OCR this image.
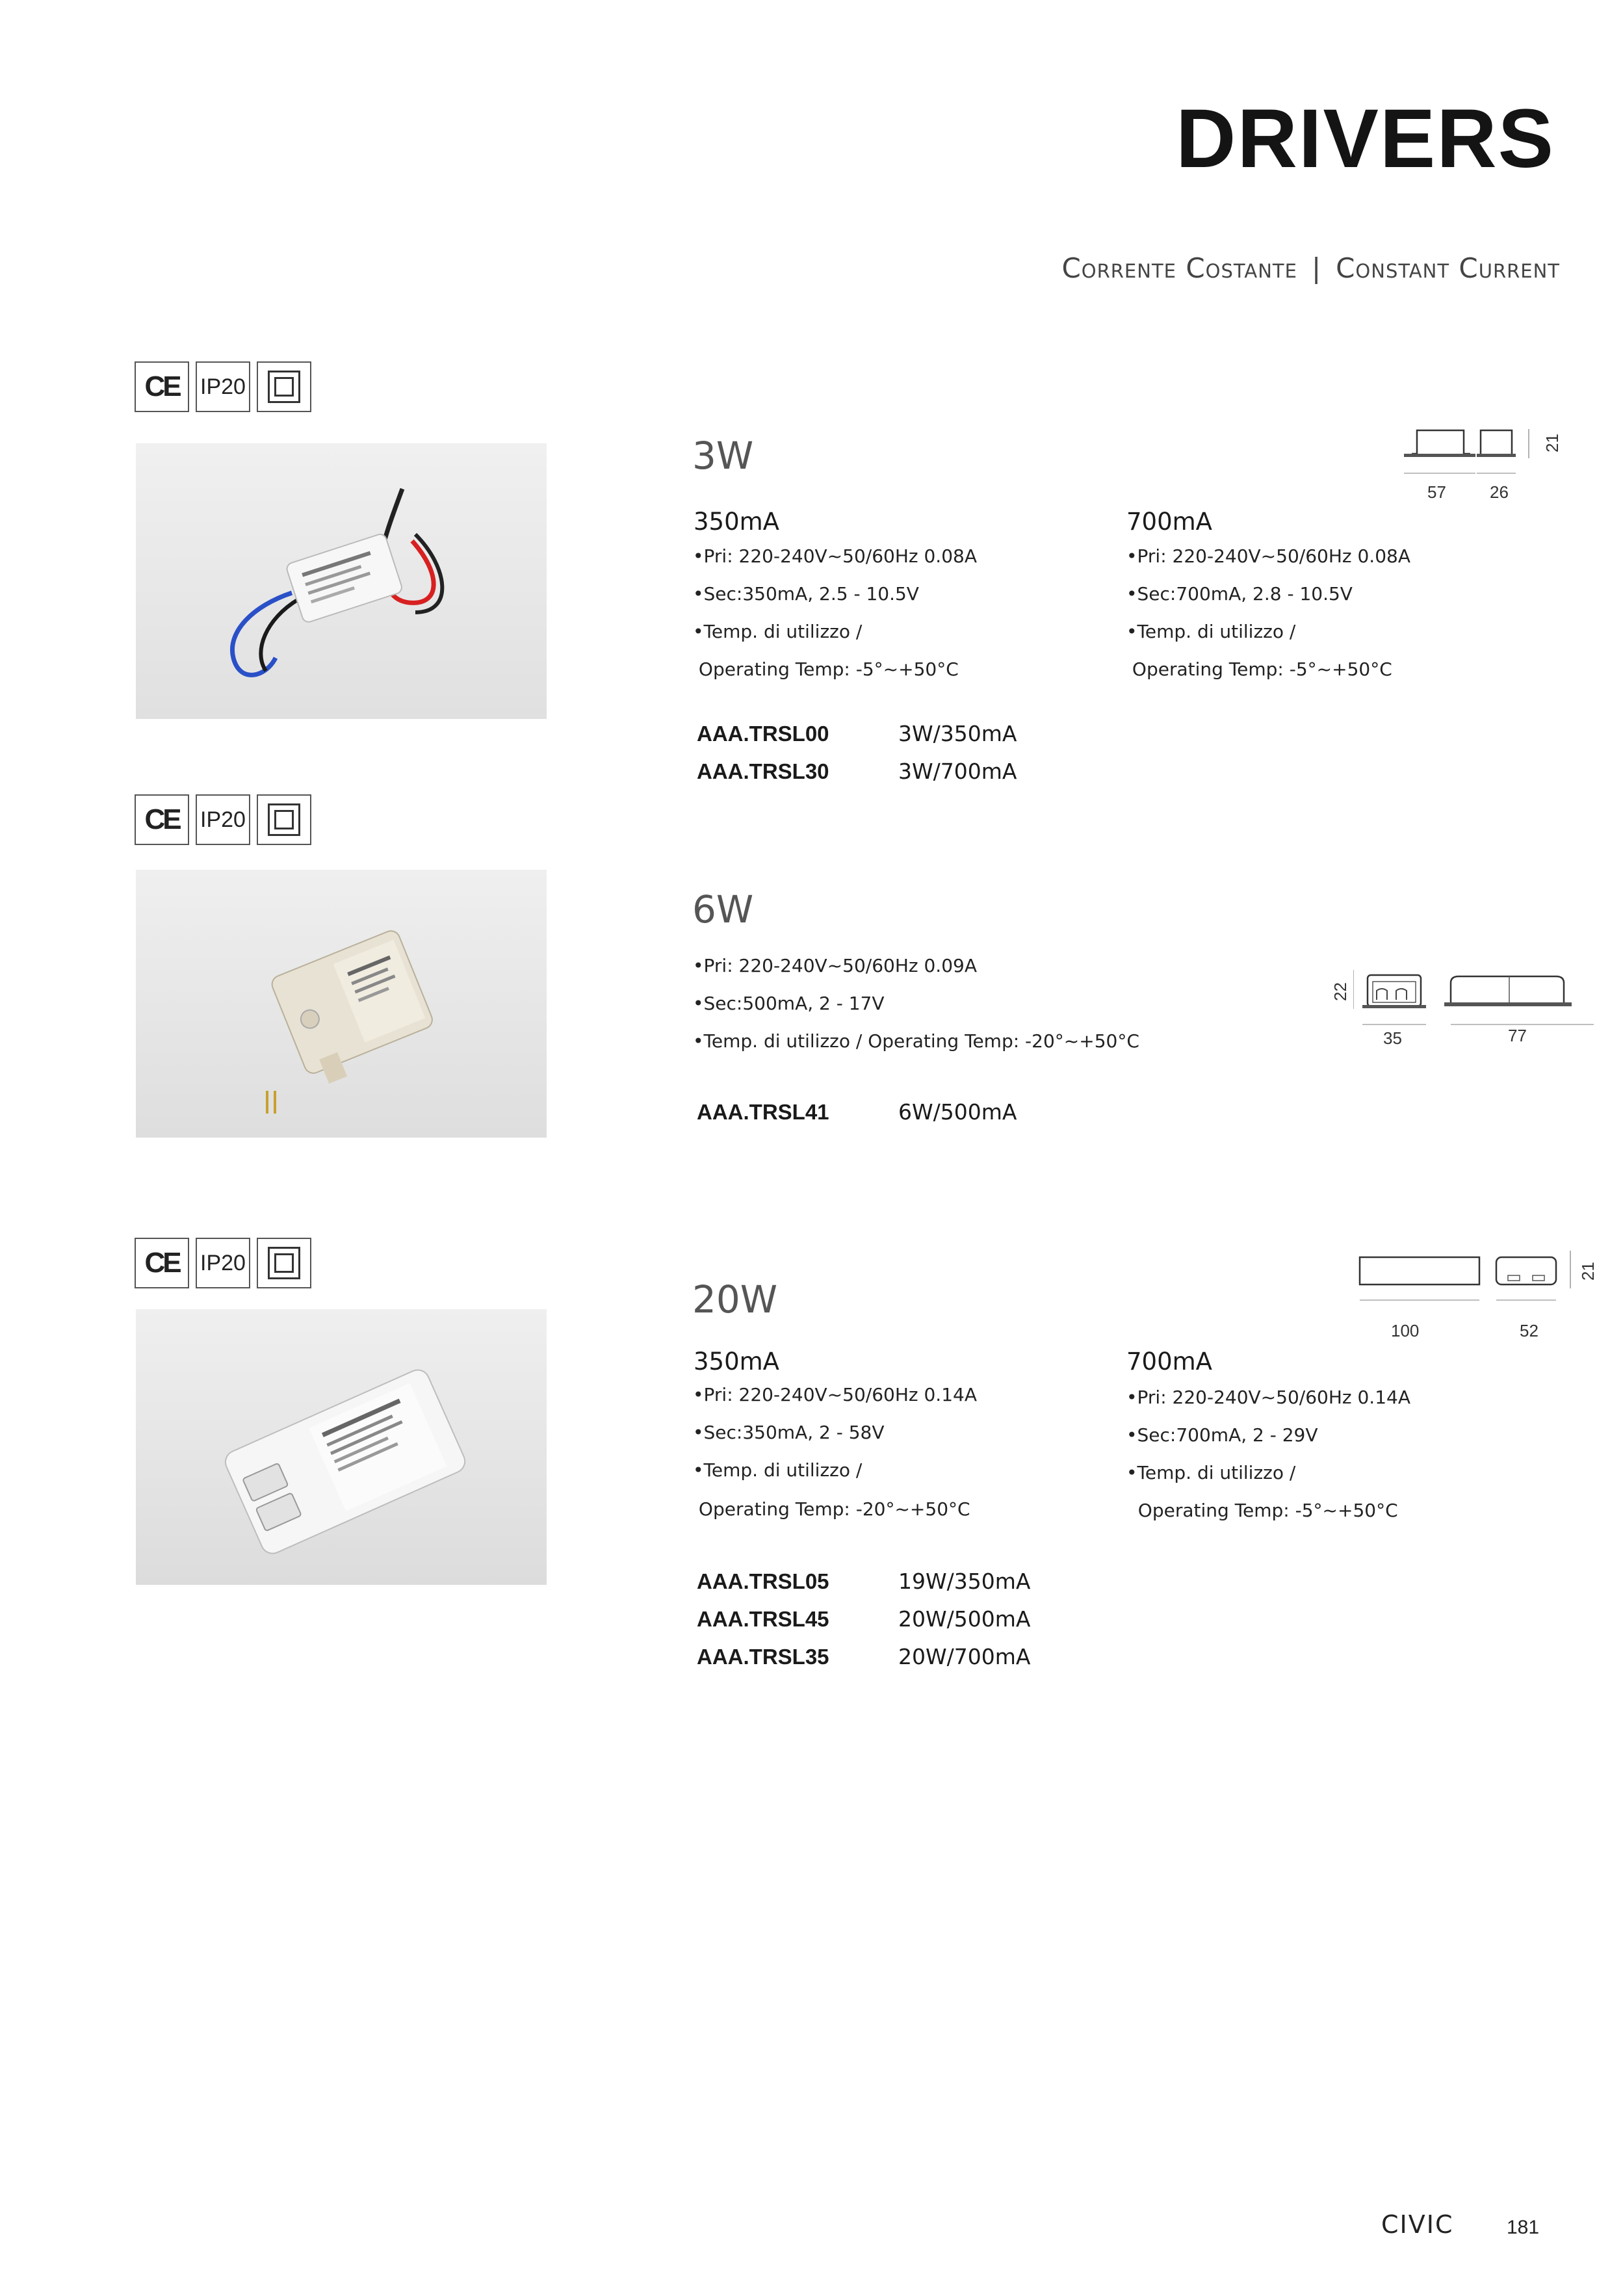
DRIVERS
Corrente Costante | Constant Current
CE IP20
3W
57	26
21
350mA
•Pri: 220-240V~50/60Hz 0.08A
•Sec:350mA, 2.5 - 10.5V
•Temp. di utilizzo /
Operating Temp: -5°~+50°C
700mA
•Pri: 220-240V~50/60Hz 0.08A
•Sec:700mA, 2.8 - 10.5V
•Temp. di utilizzo /
Operating Temp: -5°~+50°C
AAA.TRSL00	3W/350mA
AAA.TRSL30	3W/700mA
CE IP20
6W
•Pri: 220-240V~50/60Hz 0.09A
•Sec:500mA, 2 - 17V
•Temp. di utilizzo / Operating Temp: -20°~+50°C
22
35	77
AAA.TRSL41	6W/500mA
CE IP20
20W
100	52
21
350mA
•Pri: 220-240V~50/60Hz 0.14A
•Sec:350mA, 2 - 58V
•Temp. di utilizzo /
Operating Temp: -20°~+50°C
700mA
•Pri: 220-240V~50/60Hz 0.14A
•Sec:700mA, 2 - 29V
•Temp. di utilizzo /
Operating Temp: -5°~+50°C
AAA.TRSL05	19W/350mA
AAA.TRSL45	20W/500mA
AAA.TRSL35	20W/700mA
CIVIC	181
